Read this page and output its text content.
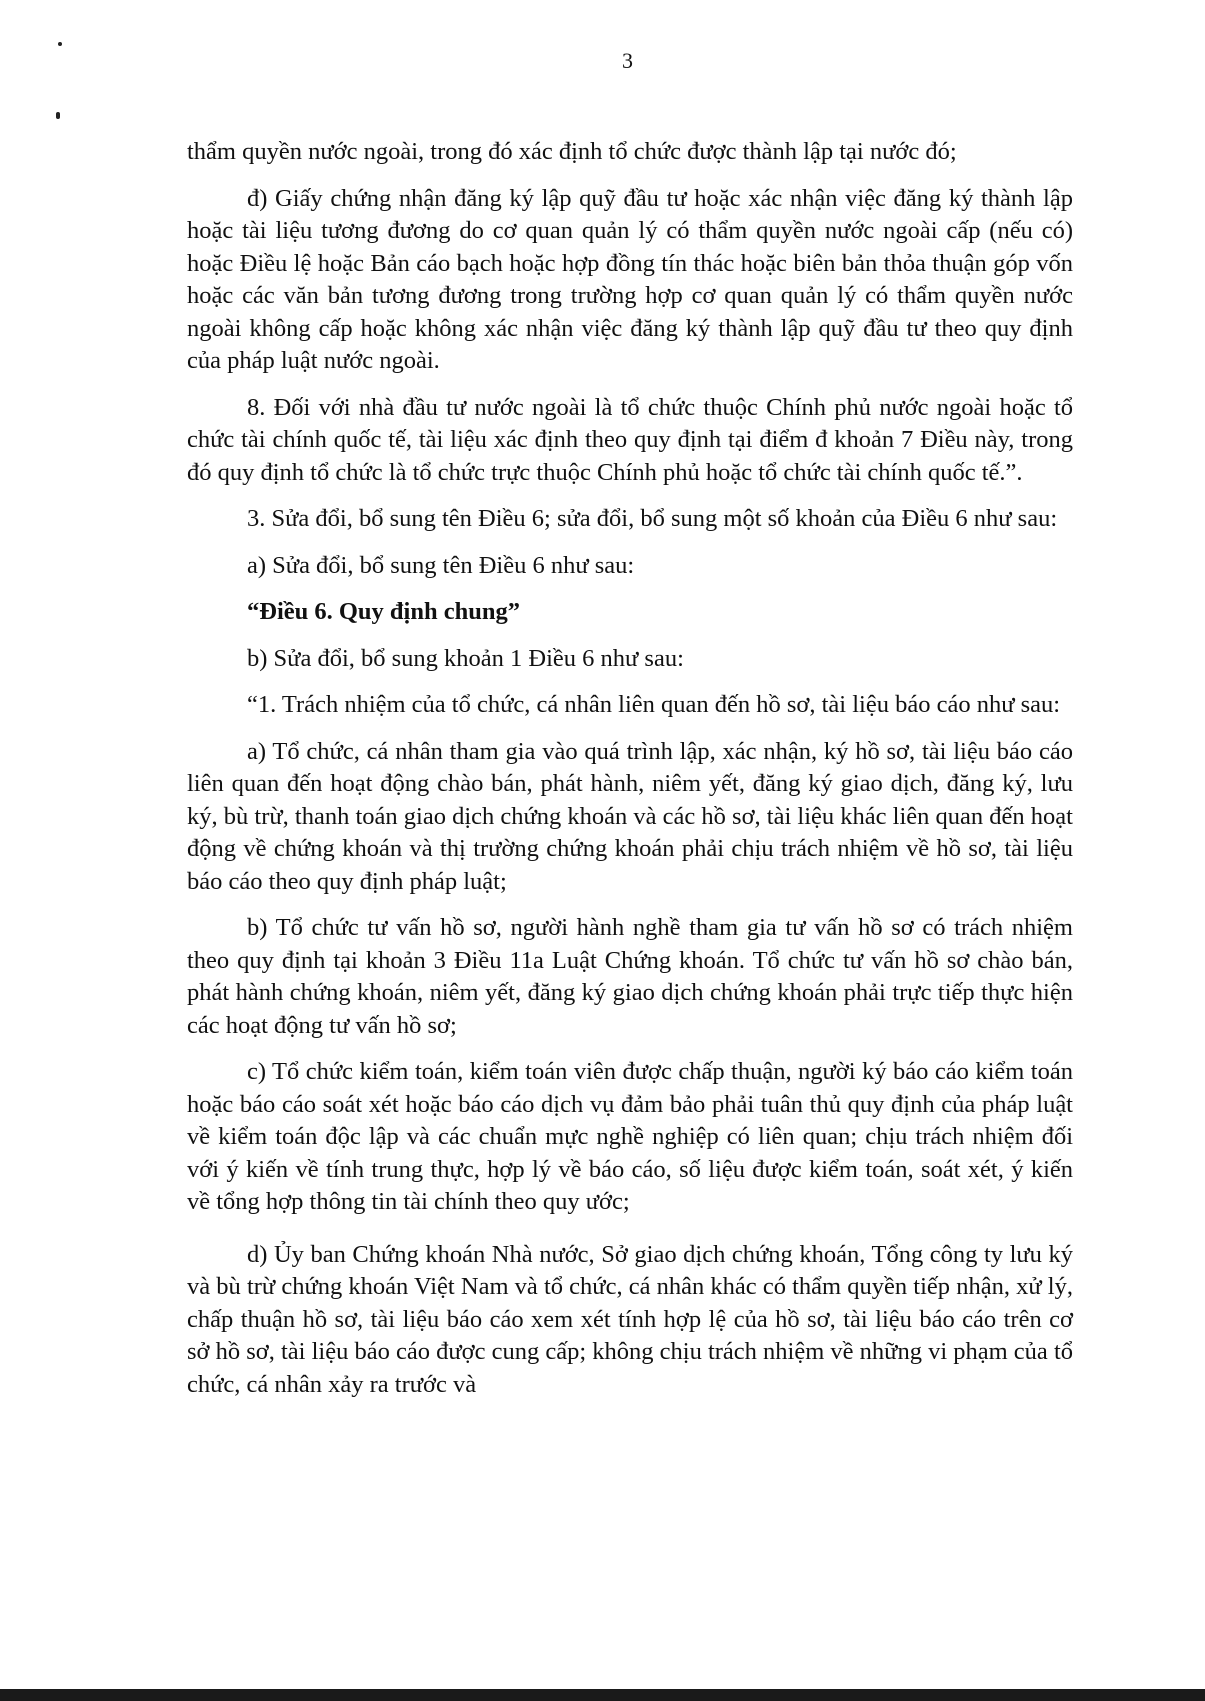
3

thẩm quyền nước ngoài, trong đó xác định tổ chức được thành lập tại nước đó;

đ) Giấy chứng nhận đăng ký lập quỹ đầu tư hoặc xác nhận việc đăng ký thành lập hoặc tài liệu tương đương do cơ quan quản lý có thẩm quyền nước ngoài cấp (nếu có) hoặc Điều lệ hoặc Bản cáo bạch hoặc hợp đồng tín thác hoặc biên bản thỏa thuận góp vốn hoặc các văn bản tương đương trong trường hợp cơ quan quản lý có thẩm quyền nước ngoài không cấp hoặc không xác nhận việc đăng ký thành lập quỹ đầu tư theo quy định của pháp luật nước ngoài.

8. Đối với nhà đầu tư nước ngoài là tổ chức thuộc Chính phủ nước ngoài hoặc tổ chức tài chính quốc tế, tài liệu xác định theo quy định tại điểm đ khoản 7 Điều này, trong đó quy định tổ chức là tổ chức trực thuộc Chính phủ hoặc tổ chức tài chính quốc tế.”.

3. Sửa đổi, bổ sung tên Điều 6; sửa đổi, bổ sung một số khoản của Điều 6 như sau:

a) Sửa đổi, bổ sung tên Điều 6 như sau:

“Điều 6. Quy định chung”

b) Sửa đổi, bổ sung khoản 1 Điều 6 như sau:

“1. Trách nhiệm của tổ chức, cá nhân liên quan đến hồ sơ, tài liệu báo cáo như sau:

a) Tổ chức, cá nhân tham gia vào quá trình lập, xác nhận, ký hồ sơ, tài liệu báo cáo liên quan đến hoạt động chào bán, phát hành, niêm yết, đăng ký giao dịch, đăng ký, lưu ký, bù trừ, thanh toán giao dịch chứng khoán và các hồ sơ, tài liệu khác liên quan đến hoạt động về chứng khoán và thị trường chứng khoán phải chịu trách nhiệm về hồ sơ, tài liệu báo cáo theo quy định pháp luật;

b) Tổ chức tư vấn hồ sơ, người hành nghề tham gia tư vấn hồ sơ có trách nhiệm theo quy định tại khoản 3 Điều 11a Luật Chứng khoán. Tổ chức tư vấn hồ sơ chào bán, phát hành chứng khoán, niêm yết, đăng ký giao dịch chứng khoán phải trực tiếp thực hiện các hoạt động tư vấn hồ sơ;

c) Tổ chức kiểm toán, kiểm toán viên được chấp thuận, người ký báo cáo kiểm toán hoặc báo cáo soát xét hoặc báo cáo dịch vụ đảm bảo phải tuân thủ quy định của pháp luật về kiểm toán độc lập và các chuẩn mực nghề nghiệp có liên quan; chịu trách nhiệm đối với ý kiến về tính trung thực, hợp lý về báo cáo, số liệu được kiểm toán, soát xét, ý kiến về tổng hợp thông tin tài chính theo quy ước;

d) Ủy ban Chứng khoán Nhà nước, Sở giao dịch chứng khoán, Tổng công ty lưu ký và bù trừ chứng khoán Việt Nam và tổ chức, cá nhân khác có thẩm quyền tiếp nhận, xử lý, chấp thuận hồ sơ, tài liệu báo cáo xem xét tính hợp lệ của hồ sơ, tài liệu báo cáo trên cơ sở hồ sơ, tài liệu báo cáo được cung cấp; không chịu trách nhiệm về những vi phạm của tổ chức, cá nhân xảy ra trước và
